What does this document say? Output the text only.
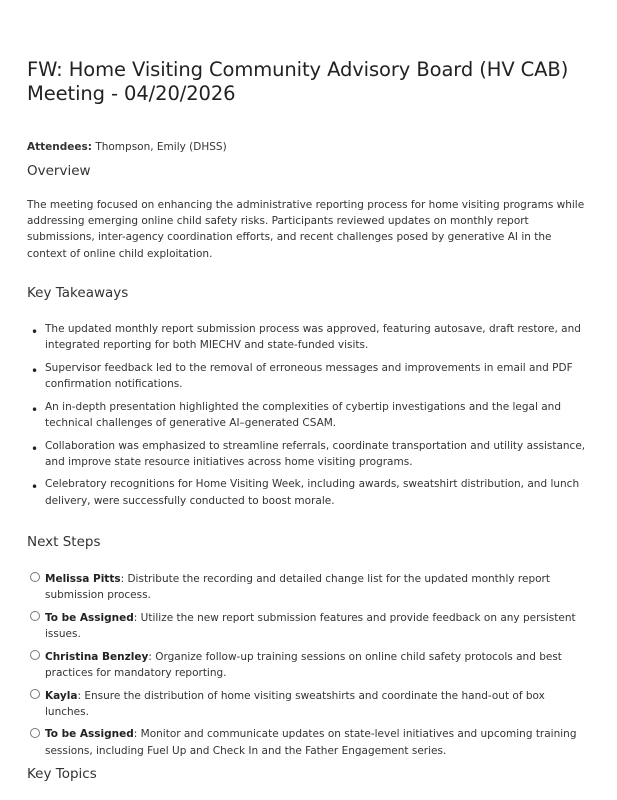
FW: Home Visiting Community Advisory Board (HV CAB) Meeting - 04/20/2026
Attendees: Thompson, Emily (DHSS)
Overview

The meeting focused on enhancing the administrative reporting process for home visiting programs while addressing emerging online child safety risks. Participants reviewed updates on monthly report submissions, inter-agency coordination efforts, and recent challenges posed by generative AI in the context of online child exploitation.

Key Takeaways
• The updated monthly report submission process was approved, featuring autosave, draft restore, and integrated reporting for both MIECHV and state-funded visits.
• Supervisor feedback led to the removal of erroneous messages and improvements in email and PDF confirmation notifications.
• An in-depth presentation highlighted the complexities of cybertip investigations and the legal and technical challenges of generative AI–generated CSAM.
• Collaboration was emphasized to streamline referrals, coordinate transportation and utility assistance, and improve state resource initiatives across home visiting programs.
• Celebratory recognitions for Home Visiting Week, including awards, sweatshirt distribution, and lunch delivery, were successfully conducted to boost morale.
Next Steps
Melissa Pitts: Distribute the recording and detailed change list for the updated monthly report submission process.
To be Assigned: Utilize the new report submission features and provide feedback on any persistent issues.
Christina Benzley: Organize follow-up training sessions on online child safety protocols and best practices for mandatory reporting.
Kayla: Ensure the distribution of home visiting sweatshirts and coordinate the hand-out of box lunches.
To be Assigned: Monitor and communicate updates on state-level initiatives and upcoming training sessions, including Fuel Up and Check In and the Father Engagement series.
Key Topics
